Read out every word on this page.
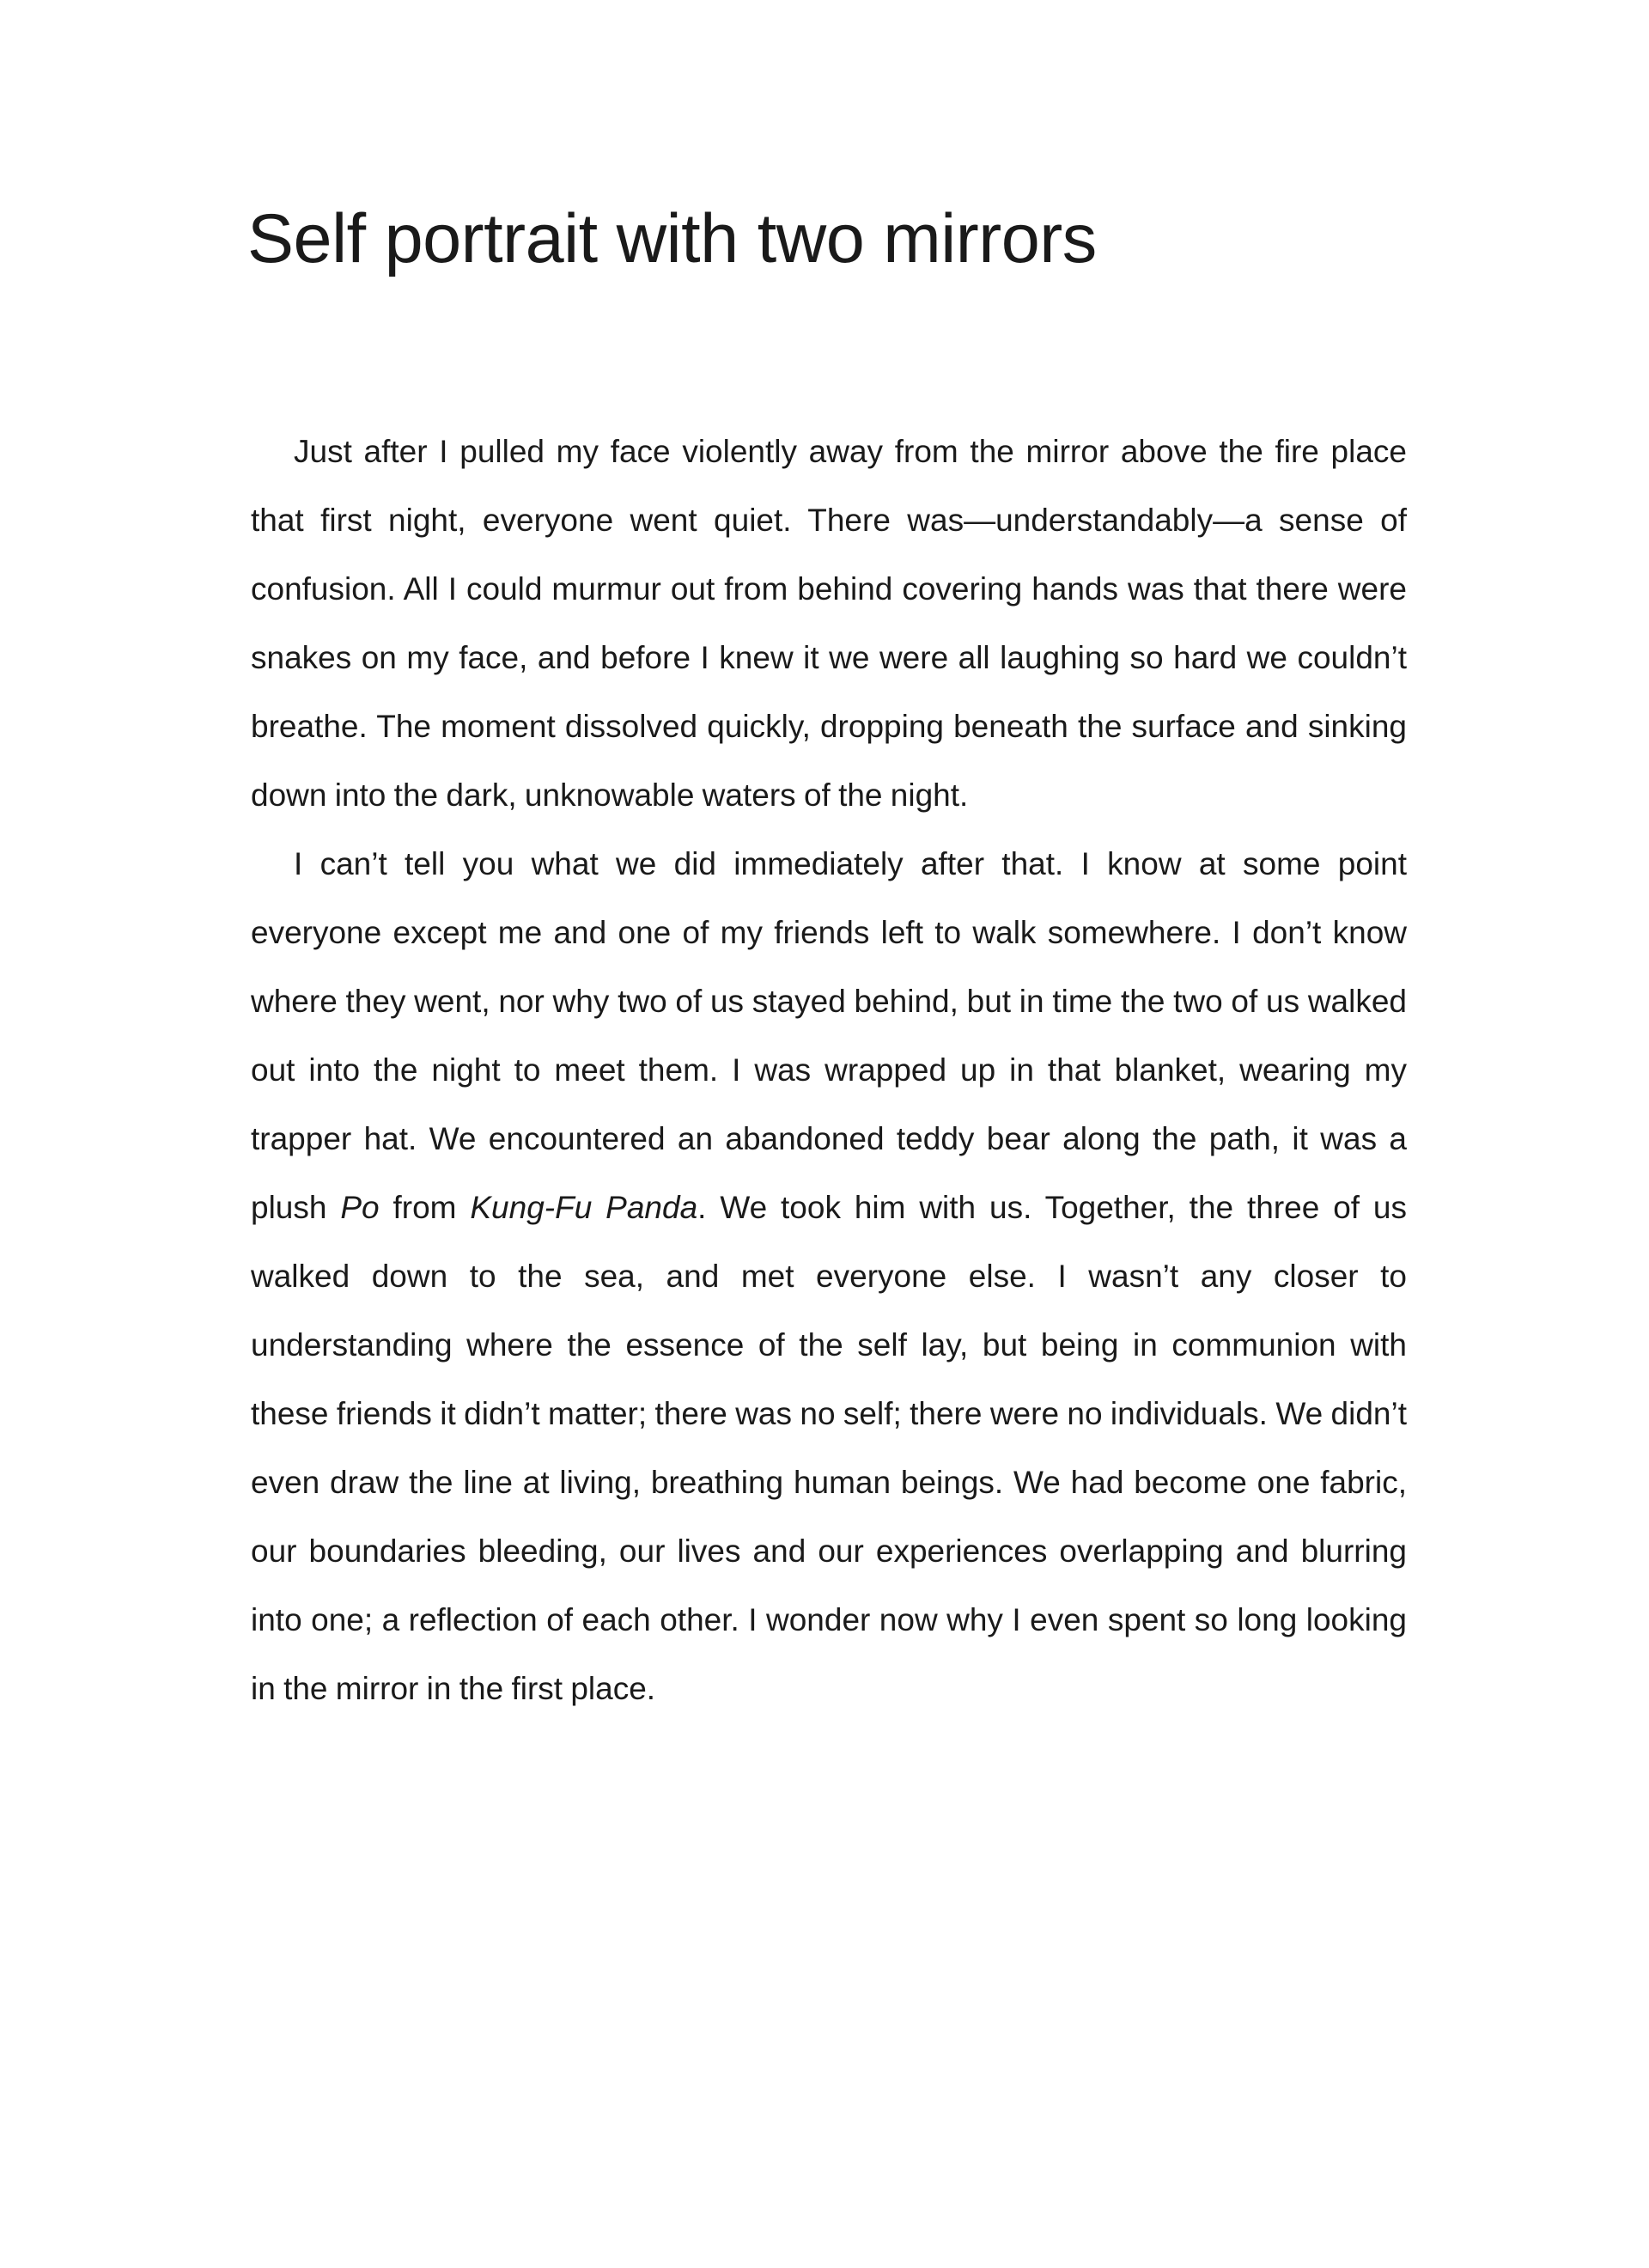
Self portrait with two mirrors

Just after I pulled my face violently away from the mirror above the fire place that first night, everyone went quiet. There was—understandably—a sense of confusion. All I could murmur out from behind covering hands was that there were snakes on my face, and before I knew it we were all laughing so hard we couldn’t breathe. The moment dissolved quickly, dropping beneath the surface and sinking down into the dark, unknowable waters of the night.

I can’t tell you what we did immediately after that. I know at some point everyone except me and one of my friends left to walk somewhere. I don’t know where they went, nor why two of us stayed behind, but in time the two of us walked out into the night to meet them. I was wrapped up in that blanket, wearing my trapper hat. We encountered an abandoned teddy bear along the path, it was a plush Po from Kung-Fu Panda. We took him with us. Together, the three of us walked down to the sea, and met everyone else. I wasn’t any closer to understanding where the essence of the self lay, but being in communion with these friends it didn’t matter; there was no self; there were no individuals. We didn’t even draw the line at living, breathing human beings. We had become one fabric, our boundaries bleeding, our lives and our experiences overlapping and blurring into one; a reflection of each other. I wonder now why I even spent so long looking in the mirror in the first place.
